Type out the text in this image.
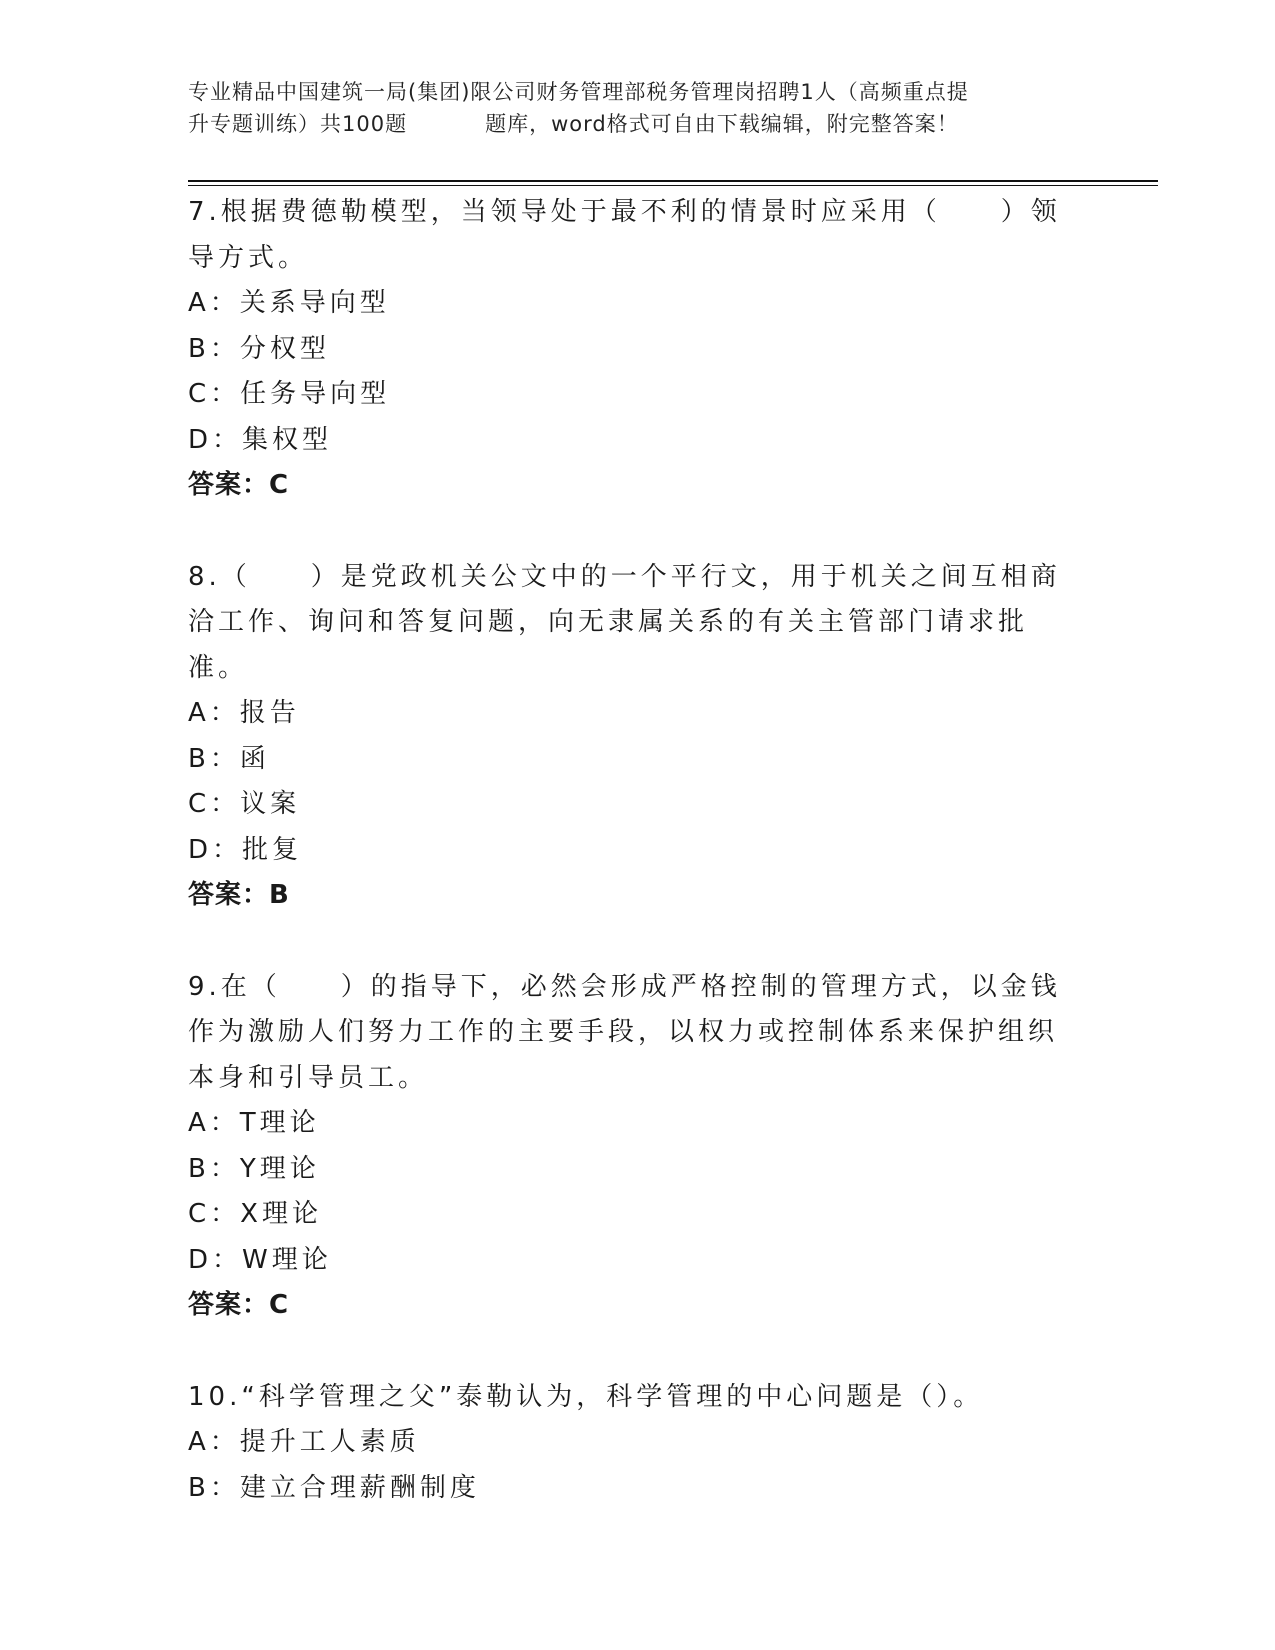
专业精品中国建筑一局(集团)限公司财务管理部税务管理岗招聘1人（高频重点提
升专题训练）共100题	题库，word格式可自由下载编辑，附完整答案！

7.根据费德勒模型，当领导处于最不利的情景时应采用（　　）领导方式。

A：关系导向型

B：分权型

C：任务导向型

D：集权型

答案：C

8.（　　）是党政机关公文中的一个平行文，用于机关之间互相商洽工作、询问和答复问题，向无隶属关系的有关主管部门请求批准。

A：报告

B：函

C：议案

D：批复

答案：B

9.在（　　）的指导下，必然会形成严格控制的管理方式，以金钱作为激励人们努力工作的主要手段，以权力或控制体系来保护组织本身和引导员工。

A：T理论

B：Y理论

C：X理论

D：W理论

答案：C

10.“科学管理之父”泰勒认为，科学管理的中心问题是（）。

A：提升工人素质

B：建立合理薪酬制度
